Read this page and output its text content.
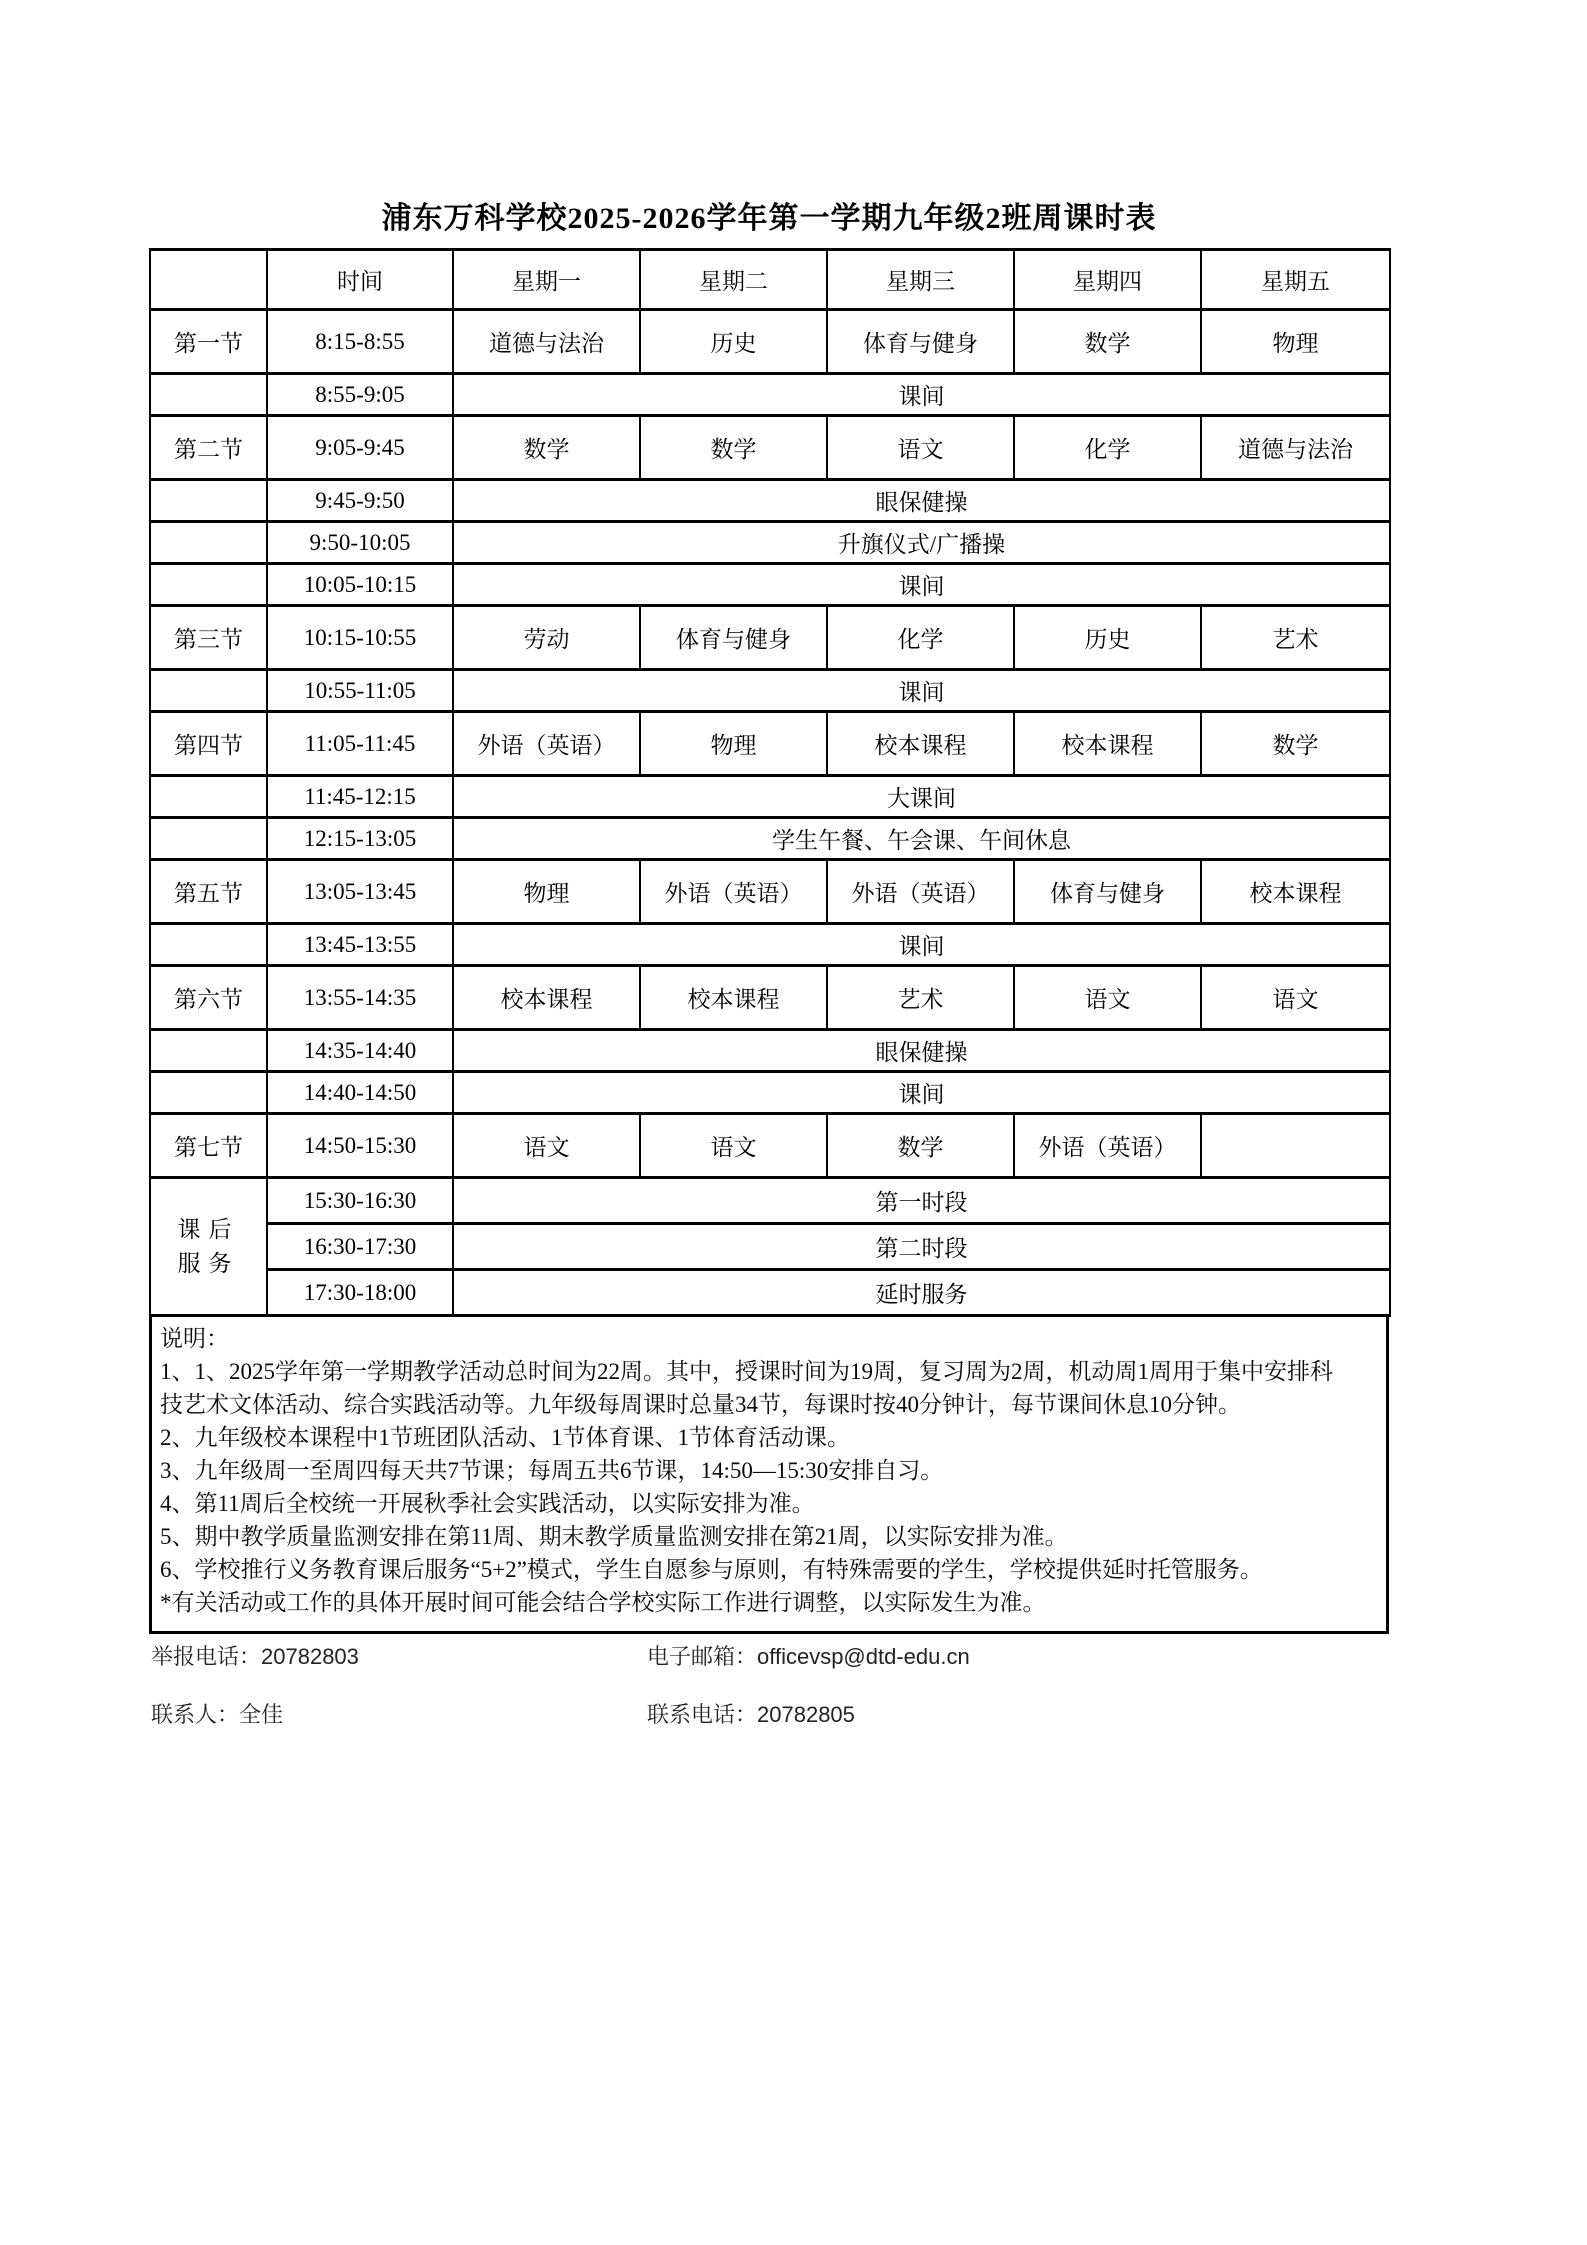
浦东万科学校2025-2026学年第一学期九年级2班周课时表
	时间	星期一	星期二	星期三	星期四	星期五
第一节	8:15-8:55	道德与法治	历史	体育与健身	数学	物理
	8:55-9:05	课间				
第二节	9:05-9:45	数学	数学	语文	化学	道德与法治
	9:45-9:50	眼保健操				
	9:50-10:05	升旗仪式/广播操				
	10:05-10:15	课间				
第三节	10:15-10:55	劳动	体育与健身	化学	历史	艺术
	10:55-11:05	课间				
第四节	11:05-11:45	外语（英语）	物理	校本课程	校本课程	数学
	11:45-12:15	大课间				
	12:15-13:05	学生午餐、午会课、午间休息				
第五节	13:05-13:45	物理	外语（英语）	外语（英语）	体育与健身	校本课程
	13:45-13:55	课间				
第六节	13:55-14:35	校本课程	校本课程	艺术	语文	语文
	14:35-14:40	眼保健操				
	14:40-14:50	课间				
第七节	14:50-15:30	语文	语文	数学	外语（英语）	

课后
服务	15:30-16:30	第一时段				
	16:30-17:30	第二时段				
	17:30-18:00	延时服务				
说明：
1、1、2025学年第一学期教学活动总时间为22周。其中，授课时间为19周，复习周为2周，机动周1周用于集中安排科
技艺术文体活动、综合实践活动等。九年级每周课时总量34节，每课时按40分钟计，每节课间休息10分钟。
2、九年级校本课程中1节班团队活动、1节体育课、1节体育活动课。
3、九年级周一至周四每天共7节课；每周五共6节课，14:50—15:30安排自习。
4、第11周后全校统一开展秋季社会实践活动，以实际安排为准。
5、期中教学质量监测安排在第11周、期末教学质量监测安排在第21周，以实际安排为准。
6、学校推行义务教育课后服务“5+2”模式，学生自愿参与原则，有特殊需要的学生，学校提供延时托管服务。
*有关活动或工作的具体开展时间可能会结合学校实际工作进行调整，以实际发生为准。
举报电话：20782803	电子邮箱：officevsp@dtd-edu.cn
联系人：全佳	联系电话：20782805
